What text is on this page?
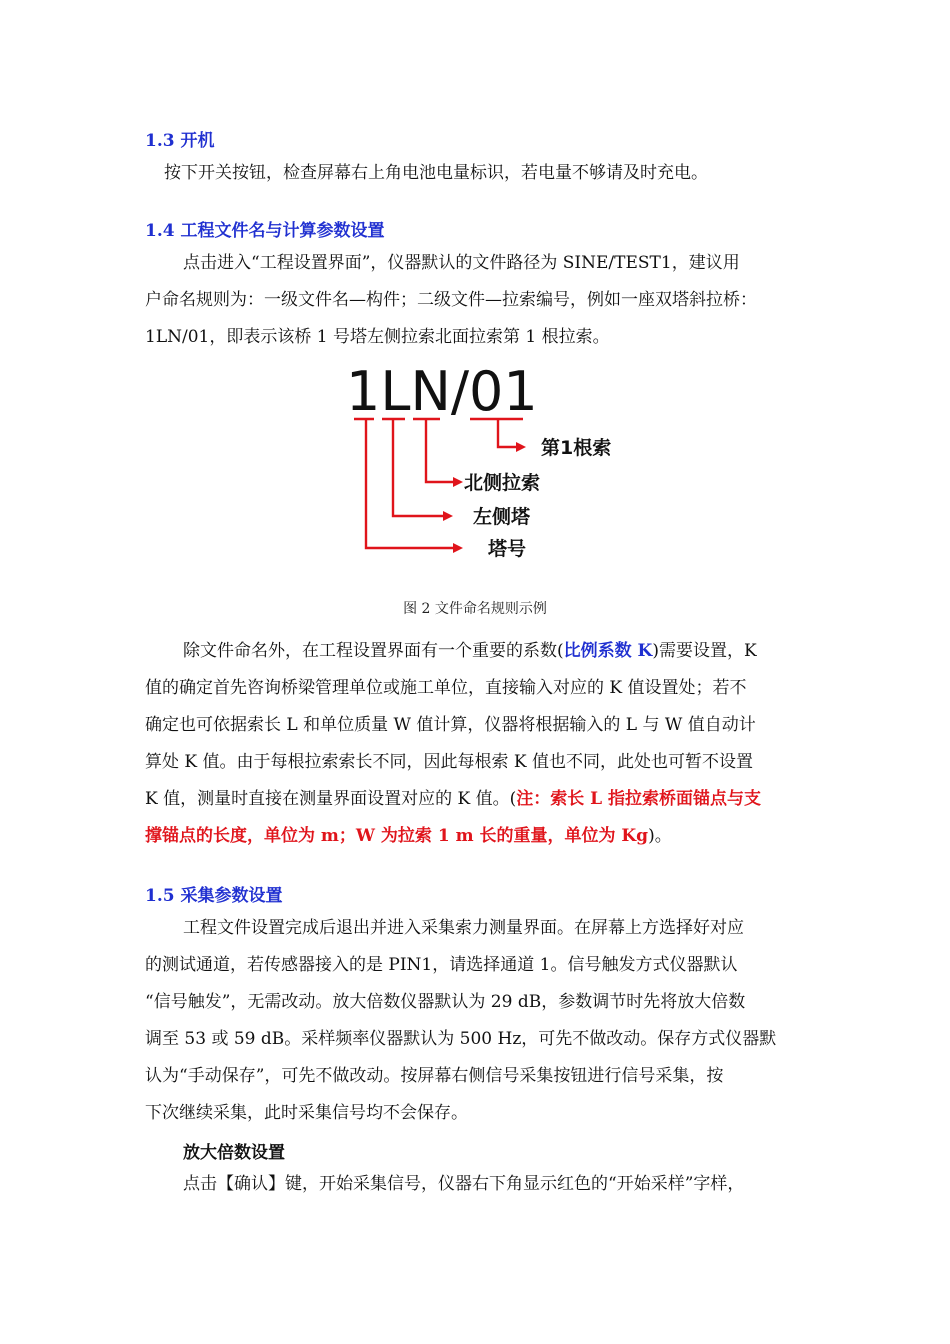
1.3 开机

按下开关按钮，检查屏幕右上角电池电量标识，若电量不够请及时充电。

1.4 工程文件名与计算参数设置

点击进入“工程设置界面”，仪器默认的文件路径为 SINE/TEST1，建议用
户命名规则为：一级文件名—构件；二级文件—拉索编号，例如一座双塔斜拉桥：
1LN/01，即表示该桥 1 号塔左侧拉索北面拉索第 1 根拉索。

1LN/01
第1根索
北侧拉索
左侧塔
塔号
图 2 文件命名规则示例

除文件命名外，在工程设置界面有一个重要的系数(比例系数 K)需要设置，K
值的确定首先咨询桥梁管理单位或施工单位，直接输入对应的 K 值设置处；若不
确定也可依据索长 L 和单位质量 W 值计算，仪器将根据输入的 L 与 W 值自动计
算处 K 值。由于每根拉索索长不同，因此每根索 K 值也不同，此处也可暂不设置
K 值，测量时直接在测量界面设置对应的 K 值。(注：索长 L 指拉索桥面锚点与支
撑锚点的长度，单位为 m；W 为拉索 1 m 长的重量，单位为 Kg)。

1.5 采集参数设置

工程文件设置完成后退出并进入采集索力测量界面。在屏幕上方选择好对应
的测试通道，若传感器接入的是 PIN1，请选择通道 1。信号触发方式仪器默认
“信号触发”，无需改动。放大倍数仪器默认为 29 dB，参数调节时先将放大倍数
调至 53 或 59 dB。采样频率仪器默认为 500 Hz，可先不做改动。保存方式仪器默
认为“手动保存”，可先不做改动。按屏幕右侧信号采集按钮进行信号采集，按
下次继续采集，此时采集信号均不会保存。

放大倍数设置

点击【确认】键，开始采集信号，仪器右下角显示红色的“开始采样”字样，
